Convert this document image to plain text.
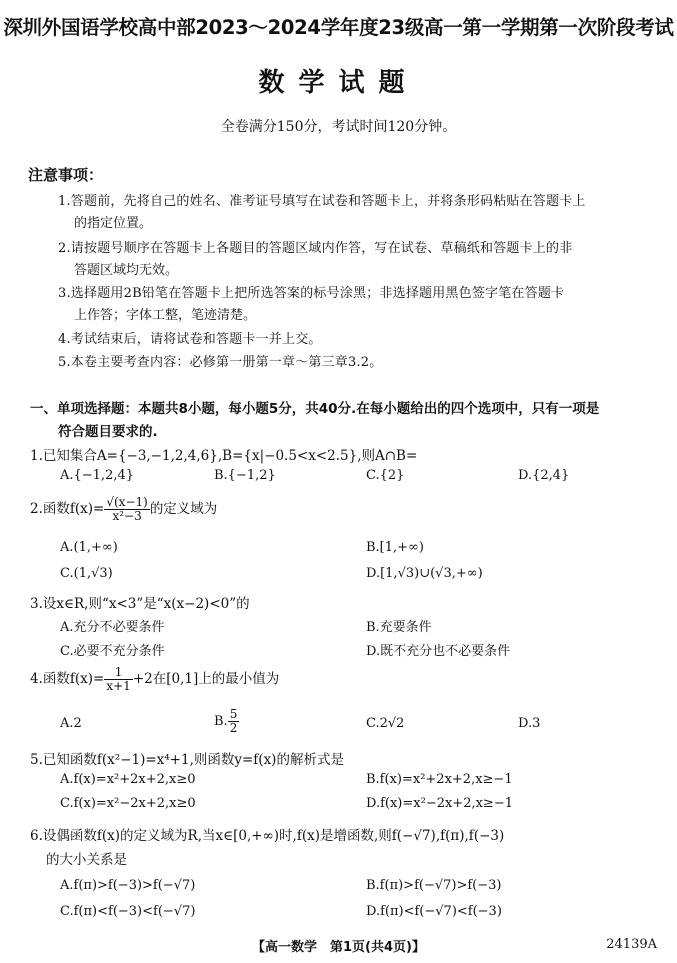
深圳外国语学校高中部2023～2024学年度23级高一第一学期第一次阶段考试
数学试题
全卷满分150分，考试时间120分钟。
注意事项：
1.答题前，先将自己的姓名、准考证号填写在试卷和答题卡上，并将条形码粘贴在答题卡上
的指定位置。
2.请按题号顺序在答题卡上各题目的答题区域内作答，写在试卷、草稿纸和答题卡上的非
答题区域均无效。
3.选择题用2B铅笔在答题卡上把所选答案的标号涂黑；非选择题用黑色签字笔在答题卡
上作答；字体工整，笔迹清楚。
4.考试结束后，请将试卷和答题卡一并上交。
5.本卷主要考查内容：必修第一册第一章～第三章3.2。
一、单项选择题：本题共8小题，每小题5分，共40分.在每小题给出的四个选项中，只有一项是
符合题目要求的.
1.已知集合A={−3,−1,2,4,6},B={x|−0.5<x<2.5},则A∩B=
A.{−1,2,4}	B.{−1,2}	C.{2}	D.{2,4}
2.函数$f(x)= \frac{√(x-1)}{\text{x²−3}}$ 的定义域为
A.(1,+∞)	B.[1,+∞)
C.(1,√3)	D.[1,√3)∪(√3,+∞)
3.设x∈R,则“x<3”是“x(x−2)<0”的
A.充分不必要条件	B.充要条件
C.必要不充分条件	D.既不充分也不必要条件
4.函数$f(x)= \frac{1}{x+1} +2$在[0,1]上的最小值为
A.2	B. $\frac{5}{2}$	C.2√2	D.3
5.已知函数f(x²−1)=x⁴+1,则函数y=f(x)的解析式是
A.f(x)=x²+2x+2,x≥0	B.f(x)=x²+2x+2,x≥−1
C.f(x)=x²−2x+2,x≥0	D.f(x)=x²−2x+2,x≥−1
6.设偶函数f(x)的定义域为R,当x∈[0,+∞)时,f(x)是增函数,则f(−√7),f(π),f(−3)
的大小关系是
A.f(π)>f(−3)>f(−√7)	B.f(π)>f(−√7)>f(−3)
C.f(π)<f(−3)<f(−√7)	D.f(π)<f(−√7)<f(−3)
【高一数学　第1页(共4页)】	24139A
